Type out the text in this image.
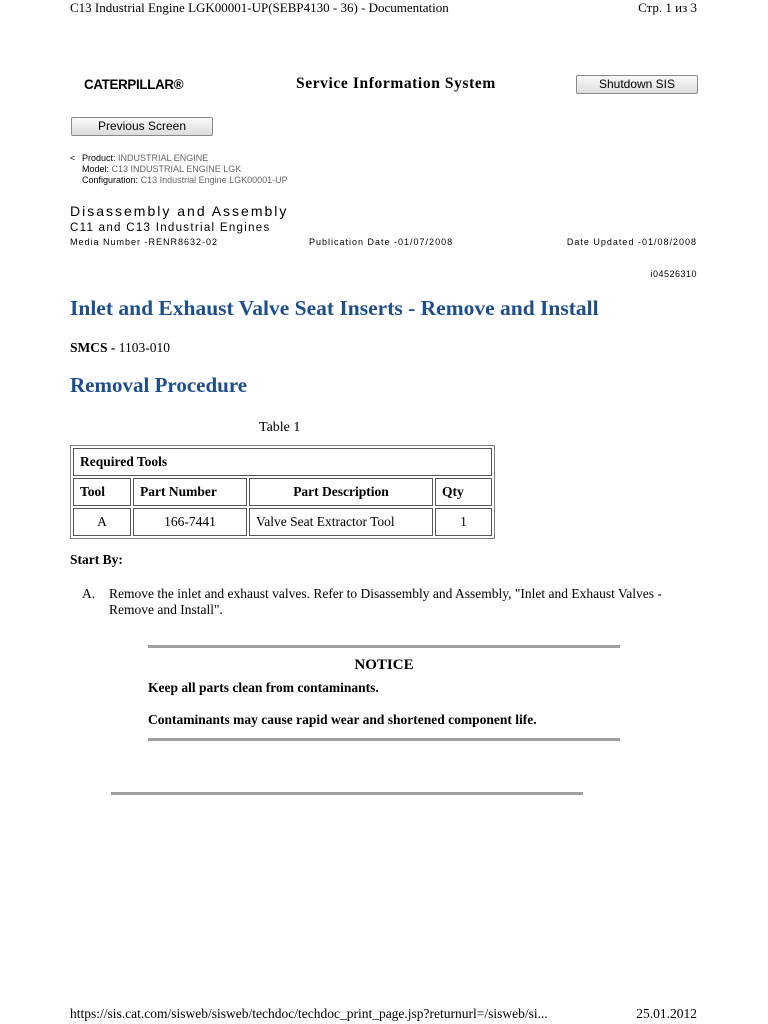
C13 Industrial Engine LGK00001-UP(SEBP4130 - 36) - Documentation	Стр. 1 из 3
CATERPILLAR®	Service Information System	Shutdown SIS
Previous Screen
< Product: INDUSTRIAL ENGINE
Model: C13 INDUSTRIAL ENGINE LGK
Configuration: C13 Industrial Engine LGK00001-UP
Disassembly and Assembly
C11 and C13 Industrial Engines
Media Number -RENR8632-02	Publication Date -01/07/2008	Date Updated -01/08/2008
i04526310
Inlet and Exhaust Valve Seat Inserts - Remove and Install
SMCS - 1103-010
Removal Procedure
Table 1
Required Tools			
Tool	Part Number	Part Description	Qty
A	166-7441	Valve Seat Extractor Tool	1
Start By:
A. Remove the inlet and exhaust valves. Refer to Disassembly and Assembly, "Inlet and Exhaust Valves - Remove and Install".
NOTICE
Keep all parts clean from contaminants.
Contaminants may cause rapid wear and shortened component life.
https://sis.cat.com/sisweb/sisweb/techdoc/techdoc_print_page.jsp?returnurl=/sisweb/si...	25.01.2012
